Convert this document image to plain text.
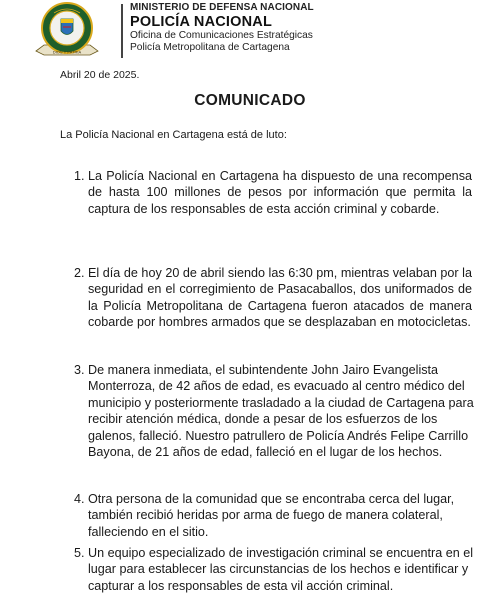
DIOS Y PATRIA
MINISTERIO DE DEFENSA NACIONAL
POLICÍA NACIONAL
Oficina de Comunicaciones Estratégicas
Policía Metropolitana de Cartagena
Abril 20 de 2025.
COMUNICADO
La Policía Nacional en Cartagena está de luto:
1. La Policía Nacional en Cartagena ha dispuesto de una recompensa de hasta 100 millones de pesos por información que permita la captura de los responsables de esta acción criminal y cobarde.
2. El día de hoy 20 de abril siendo las 6:30 pm, mientras velaban por la seguridad en el corregimiento de Pasacaballos, dos uniformados de la Policía Metropolitana de Cartagena fueron atacados de manera cobarde por hombres armados que se desplazaban en motocicletas.
3. De manera inmediata, el subintendente John Jairo Evangelista Monterroza, de 42 años de edad, es evacuado al centro médico del municipio y posteriormente trasladado a la ciudad de Cartagena para recibir atención médica, donde a pesar de los esfuerzos de los galenos, falleció. Nuestro patrullero de Policía Andrés Felipe Carrillo Bayona, de 21 años de edad, falleció en el lugar de los hechos.
4. Otra persona de la comunidad que se encontraba cerca del lugar, también recibió heridas por arma de fuego de manera colateral, falleciendo en el sitio.
5. Un equipo especializado de investigación criminal se encuentra en el lugar para establecer las circunstancias de los hechos e identificar y capturar a los responsables de esta vil acción criminal.
